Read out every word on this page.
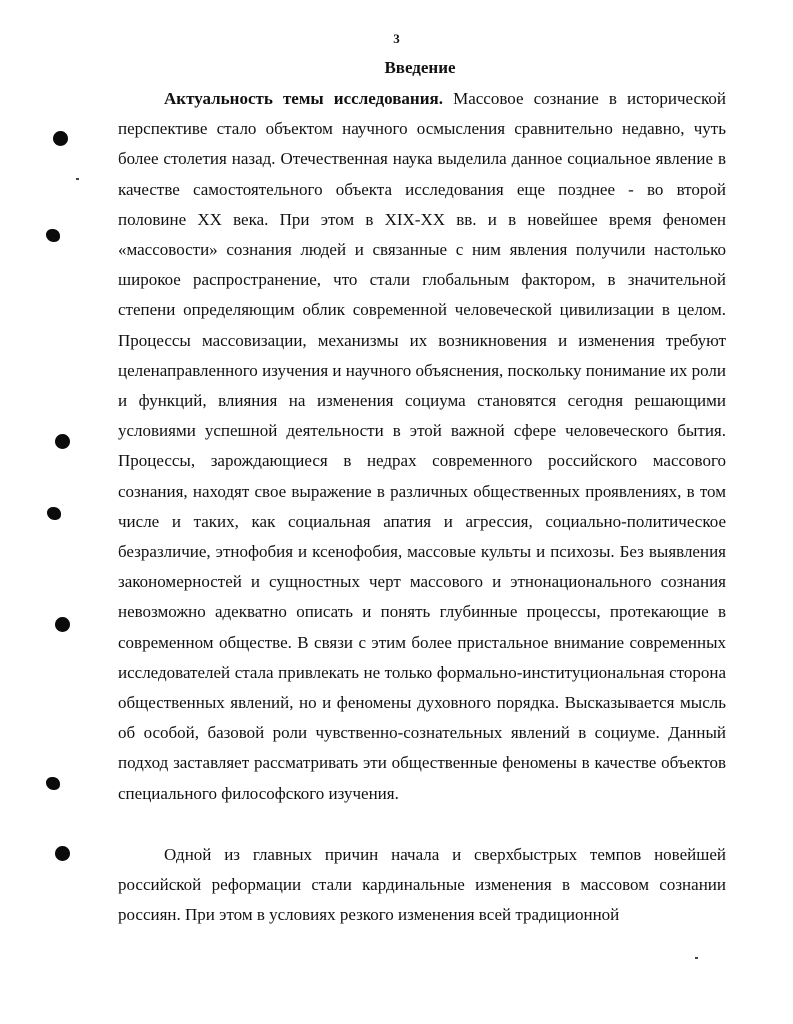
3
Введение

Актуальность темы исследования. Массовое сознание в исторической перспективе стало объектом научного осмысления сравнительно недавно, чуть более столетия назад. Отечественная наука выделила данное социальное явление в качестве самостоятельного объекта исследования еще позднее - во второй половине XX века. При этом в XIX-XX вв. и в новейшее время феномен «массовости» сознания людей и связанные с ним явления получили настолько широкое распространение, что стали глобальным фактором, в значительной степени определяющим облик современной человеческой цивилизации в целом. Процессы массовизации, механизмы их возникновения и изменения требуют целенаправленного изучения и научного объяснения, поскольку понимание их роли и функций, влияния на изменения социума становятся сегодня решающими условиями успешной деятельности в этой важной сфере человеческого бытия. Процессы, зарождающиеся в недрах современного российского массового сознания, находят свое выражение в различных общественных проявлениях, в том числе и таких, как социальная апатия и агрессия, социально-политическое безразличие, этнофобия и ксенофобия, массовые культы и психозы. Без выявления закономерностей и сущностных черт массового и этнонационального сознания невозможно адекватно описать и понять глубинные процессы, протекающие в современном обществе. В связи с этим более пристальное внимание современных исследователей стала привлекать не только формально-институциональная сторона общественных явлений, но и феномены духовного порядка. Высказывается мысль об особой, базовой роли чувственно-сознательных явлений в социуме. Данный подход заставляет рассматривать эти общественные феномены в качестве объектов специального философского изучения.

Одной из главных причин начала и сверхбыстрых темпов новейшей российской реформации стали кардинальные изменения в массовом сознании россиян. При этом в условиях резкого изменения всей традиционной
